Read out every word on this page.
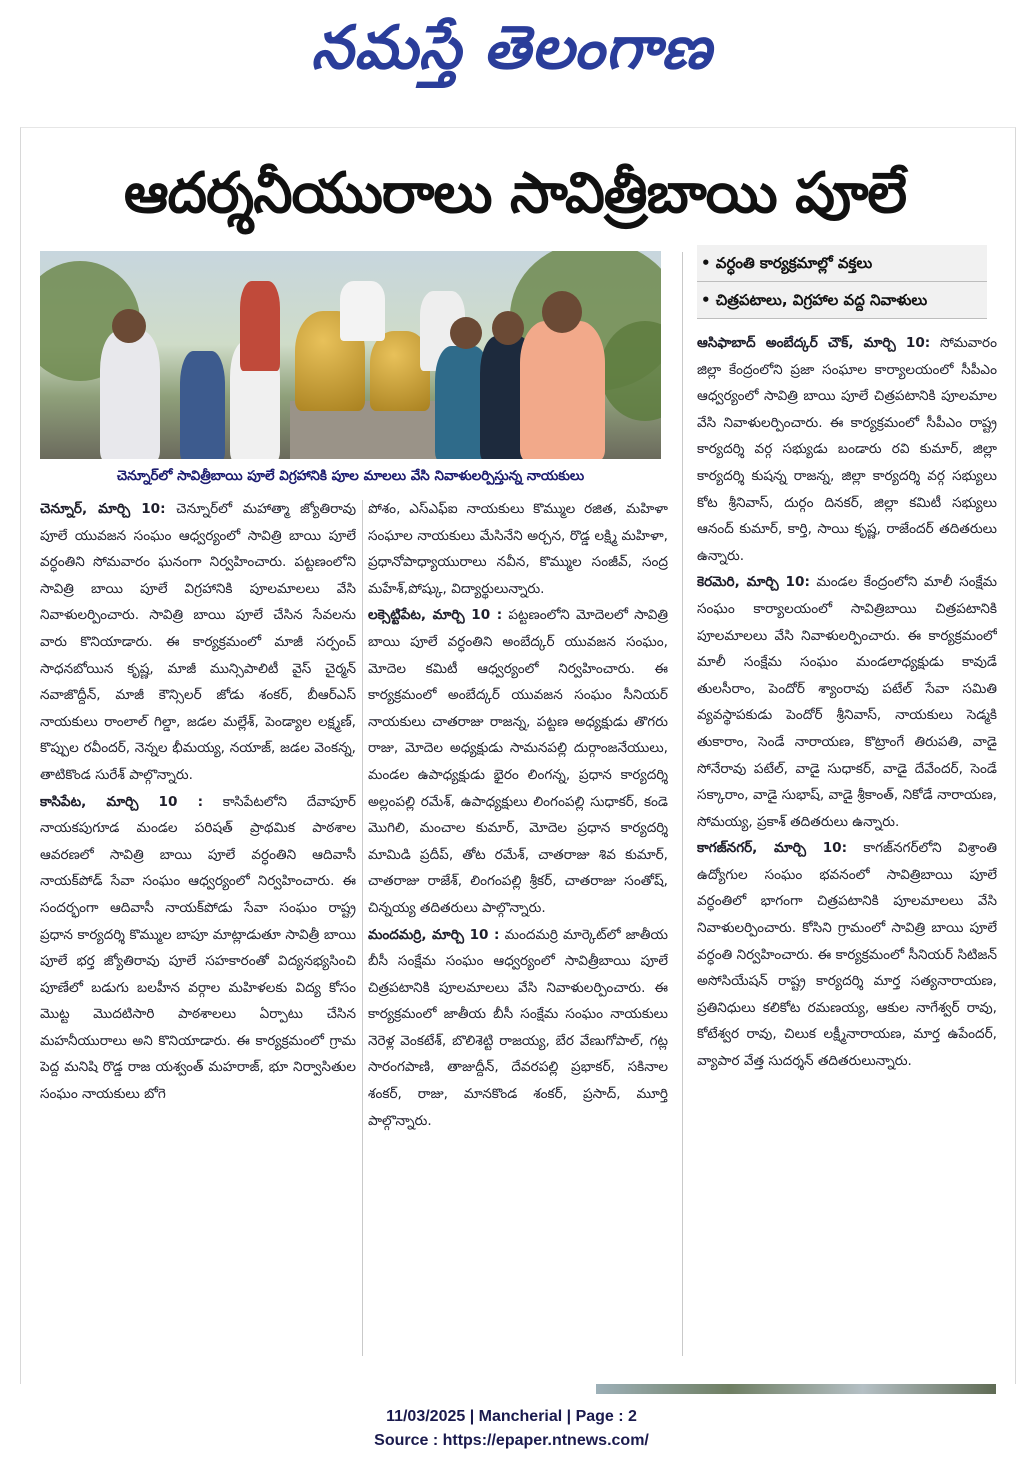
నమస్తే తెలంగాణ
ఆదర్శనీయురాలు సావిత్రీబాయి పూలే
చెన్నూర్‌లో సావిత్రీబాయి పూలే విగ్రహానికి పూల మాలలు వేసి నివాళులర్పిస్తున్న నాయకులు
• వర్ధంతి కార్యక్రమాల్లో వక్తలు
• చిత్రపటాలు, విగ్రహాల వద్ద నివాళులు

చెన్నూర్, మార్చి 10: చెన్నూర్‌లో మహాత్మా జ్యోతిరావు పూలే యువజన సంఘం ఆధ్వర్యంలో సావిత్రి బాయి పూలే వర్ధంతిని సోమవారం ఘనంగా నిర్వహించారు. పట్టణంలోని సావిత్రి బాయి పూలే విగ్రహానికి పూలమాలలు వేసి నివాళులర్పించారు. సావిత్రి బాయి పూలే చేసిన సేవలను వారు కొనియాడారు. ఈ కార్యక్రమంలో మాజీ సర్పంచ్ సాధనబోయిన కృష్ణ, మాజీ మున్సిపాలిటీ వైస్ చైర్మన్ నవాజొద్దీన్, మాజీ కౌన్సిలర్ జోడు శంకర్, బీఆర్‌ఎస్ నాయకులు రాంలాల్ గిల్డా, జడల మల్లేశ్, పెండ్యాల లక్ష్మణ్, కొప్పుల రవీందర్, నెన్నల భీమయ్య, నయాజ్, జడల వెంకన్న, తాటికొండ సురేశ్ పాల్గొన్నారు.

కాసిపేట, మార్చి 10 : కాసిపేటలోని దేవాపూర్ నాయకపుగూడ మండల పరిషత్ ప్రాథమిక పాఠశాల ఆవరణలో సావిత్రి బాయి పూలే వర్ధంతిని ఆదివాసీ నాయక్‌పోడ్ సేవా సంఘం ఆధ్వర్యంలో నిర్వహించారు. ఈ సందర్భంగా ఆదివాసీ నాయక్‌పోడు సేవా సంఘం రాష్ట్ర ప్రధాన కార్యదర్శి కొమ్ముల బాపూ మాట్లాడుతూ సావిత్రీ బాయి పూలే భర్త జ్యోతిరావు పూలే సహకారంతో విద్యనభ్యసించి పూణేలో బడుగు బలహీన వర్గాల మహిళలకు విద్య కోసం మొట్ట మొదటిసారి పాఠశాలలు ఏర్పాటు చేసిన మహనీయురాలు అని కొనియాడారు. ఈ కార్యక్రమంలో గ్రామ పెద్ద మనిషి రొడ్డ రాజ యశ్వంత్ మహరాజ్, భూ నిర్వాసితుల సంఘం నాయకులు బోగె

పోశం, ఎస్‌ఎఫ్‌ఐ నాయకులు కొమ్ముల రజిత, మహిళా సంఘాల నాయకులు మేసినేని అర్చన, రొడ్డ లక్ష్మి మహిళా, ప్రధానోపాధ్యాయురాలు నవీన, కొమ్ముల సంజీవ్, సంద్ర మహేశ్,పోష్కు, విద్యార్థులున్నారు.

లక్సెట్టిపేట, మార్చి 10 : పట్టణంలోని మోదెలలో సావిత్రి బాయి పూలే వర్ధంతిని అంబేద్కర్ యువజన సంఘం, మోదెల కమిటీ ఆధ్వర్యంలో నిర్వహించారు. ఈ కార్యక్రమంలో అంబేద్కర్ యువజన సంఘం సీనియర్ నాయకులు చాతరాజు రాజన్న, పట్టణ అధ్యక్షుడు తొగరు రాజు, మోదెల అధ్యక్షుడు సామనపల్లి దుర్గాంజనేయులు, మండల ఉపాధ్యక్షుడు భైరం లింగన్న, ప్రధాన కార్యదర్శి అల్లంపల్లి రమేశ్, ఉపాధ్యక్షులు లింగంపల్లి సుధాకర్, కండె మొగిలి, మంచాల కుమార్, మోదెల ప్రధాన కార్యదర్శి మామిడి ప్రదీప్, తోట రమేశ్, చాతరాజు శివ కుమార్, చాతరాజు రాజేశ్, లింగంపల్లి శ్రీకర్, చాతరాజు సంతోష్, చిన్నయ్య తదితరులు పాల్గొన్నారు.

మందమర్రి, మార్చి 10 : మందమర్రి మార్కెట్‌లో జాతీయ బీసీ సంక్షేమ సంఘం ఆధ్వర్యంలో సావిత్రీబాయి పూలే చిత్రపటానికి పూలమాలలు వేసి నివాళులర్పించారు. ఈ కార్యక్రమంలో జాతీయ బీసీ సంక్షేమ సంఘం నాయకులు నెరెళ్ల వెంకటేశ్, బొలిశెట్టి రాజయ్య, బేర వేణుగోపాల్, గట్ల సారంగపాణి, తాజుద్దీన్, దేవరపల్లి ప్రభాకర్, సకినాల శంకర్, రాజు, మానకొండ శంకర్, ప్రసాద్, మూర్తి పాల్గొన్నారు.

ఆసిఫాబాద్ అంబేద్కర్ చౌక్, మార్చి 10: సోమవారం జిల్లా కేంద్రంలోని ప్రజా సంఘాల కార్యాలయంలో సీపీఎం ఆధ్వర్యంలో సావిత్రి బాయి పూలే చిత్రపటానికి పూలమాల వేసి నివాళులర్పించారు. ఈ కార్యక్రమంలో సీపీఎం రాష్ట్ర కార్యదర్శి వర్గ సభ్యుడు బండారు రవి కుమార్, జిల్లా కార్యదర్శి కుషన్న రాజన్న, జిల్లా కార్యదర్శి వర్గ సభ్యులు కోట శ్రీనివాస్, దుర్గం దినకర్, జిల్లా కమిటీ సభ్యులు ఆనంద్ కుమార్, కార్తి, సాయి కృష్ణ, రాజేందర్ తదితరులు ఉన్నారు.

కెరమెరి, మార్చి 10: మండల కేంద్రంలోని మాలీ సంక్షేమ సంఘం కార్యాలయంలో సావిత్రిబాయి చిత్రపటానికి పూలమాలలు వేసి నివాళులర్పించారు. ఈ కార్యక్రమంలో మాలీ సంక్షేమ సంఘం మండలాధ్యక్షుడు కావుడే తులసీరాం, పెందోర్ శ్యాంరావు పటేల్ సేవా సమితి వ్యవస్థాపకుడు పెందోర్ శ్రీనివాస్, నాయకులు సెడ్మకి తుకారాం, సెండే నారాయణ, కొట్రాంగే తిరుపతి, వాడై సోనేరావు పటేల్, వాడై సుధాకర్, వాడై దేవేందర్, సెండే సక్కారాం, వాడై సుభాష్, వాడై శ్రీకాంత్, నికోడే నారాయణ, సోమయ్య, ప్రకాశ్ తదితరులు ఉన్నారు.

కాగజ్‌నగర్, మార్చి 10: కాగజ్‌నగర్‌లోని విశ్రాంతి ఉద్యోగుల సంఘం భవనంలో సావిత్రిబాయి పూలే వర్ధంతిలో భాగంగా చిత్రపటానికి పూలమాలలు వేసి నివాళులర్పించారు. కోసిని గ్రామంలో సావిత్రి బాయి పూలే వర్ధంతి నిర్వహించారు. ఈ కార్యక్రమంలో సీనియర్ సిటిజన్ అసోసియేషన్ రాష్ట్ర కార్యదర్శి మార్త సత్యనారాయణ, ప్రతినిధులు కలికోట రమణయ్య, ఆకుల నాగేశ్వర్ రావు, కోటేశ్వర రావు, చిలుక లక్ష్మీనారాయణ, మార్త ఉపేందర్, వ్యాపార వేత్త సుదర్శన్ తదితరులున్నారు.

11/03/2025 | Mancherial | Page : 2
Source : https://epaper.ntnews.com/
